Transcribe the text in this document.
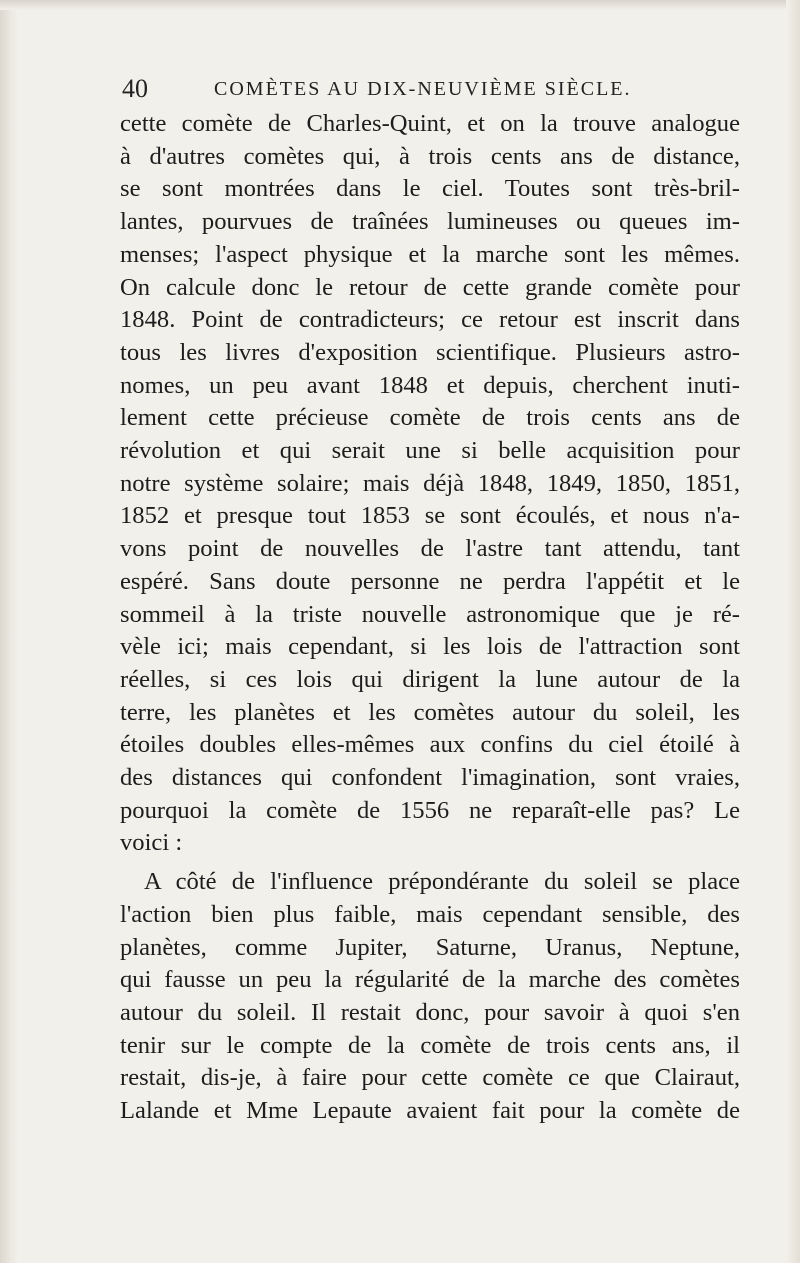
40	COMÈTES AU DIX-NEUVIÈME SIÈCLE.
cette comète de Charles-Quint, et on la trouve analogue
à d'autres comètes qui, à trois cents ans de distance,
se sont montrées dans le ciel. Toutes sont très-bril-
lantes, pourvues de traînées lumineuses ou queues im-
menses; l'aspect physique et la marche sont les mêmes.
On calcule donc le retour de cette grande comète pour
1848. Point de contradicteurs; ce retour est inscrit dans
tous les livres d'exposition scientifique. Plusieurs astro-
nomes, un peu avant 1848 et depuis, cherchent inuti-
lement cette précieuse comète de trois cents ans de
révolution et qui serait une si belle acquisition pour
notre système solaire; mais déjà 1848, 1849, 1850, 1851,
1852 et presque tout 1853 se sont écoulés, et nous n'a-
vons point de nouvelles de l'astre tant attendu, tant
espéré. Sans doute personne ne perdra l'appétit et le
sommeil à la triste nouvelle astronomique que je ré-
vèle ici; mais cependant, si les lois de l'attraction sont
réelles, si ces lois qui dirigent la lune autour de la
terre, les planètes et les comètes autour du soleil, les
étoiles doubles elles-mêmes aux confins du ciel étoilé à
des distances qui confondent l'imagination, sont vraies,
pourquoi la comète de 1556 ne reparaît-elle pas? Le
voici :
A côté de l'influence prépondérante du soleil se place
l'action bien plus faible, mais cependant sensible, des
planètes, comme Jupiter, Saturne, Uranus, Neptune,
qui fausse un peu la régularité de la marche des comètes
autour du soleil. Il restait donc, pour savoir à quoi s'en
tenir sur le compte de la comète de trois cents ans, il
restait, dis-je, à faire pour cette comète ce que Clairaut,
Lalande et Mme Lepaute avaient fait pour la comète de
